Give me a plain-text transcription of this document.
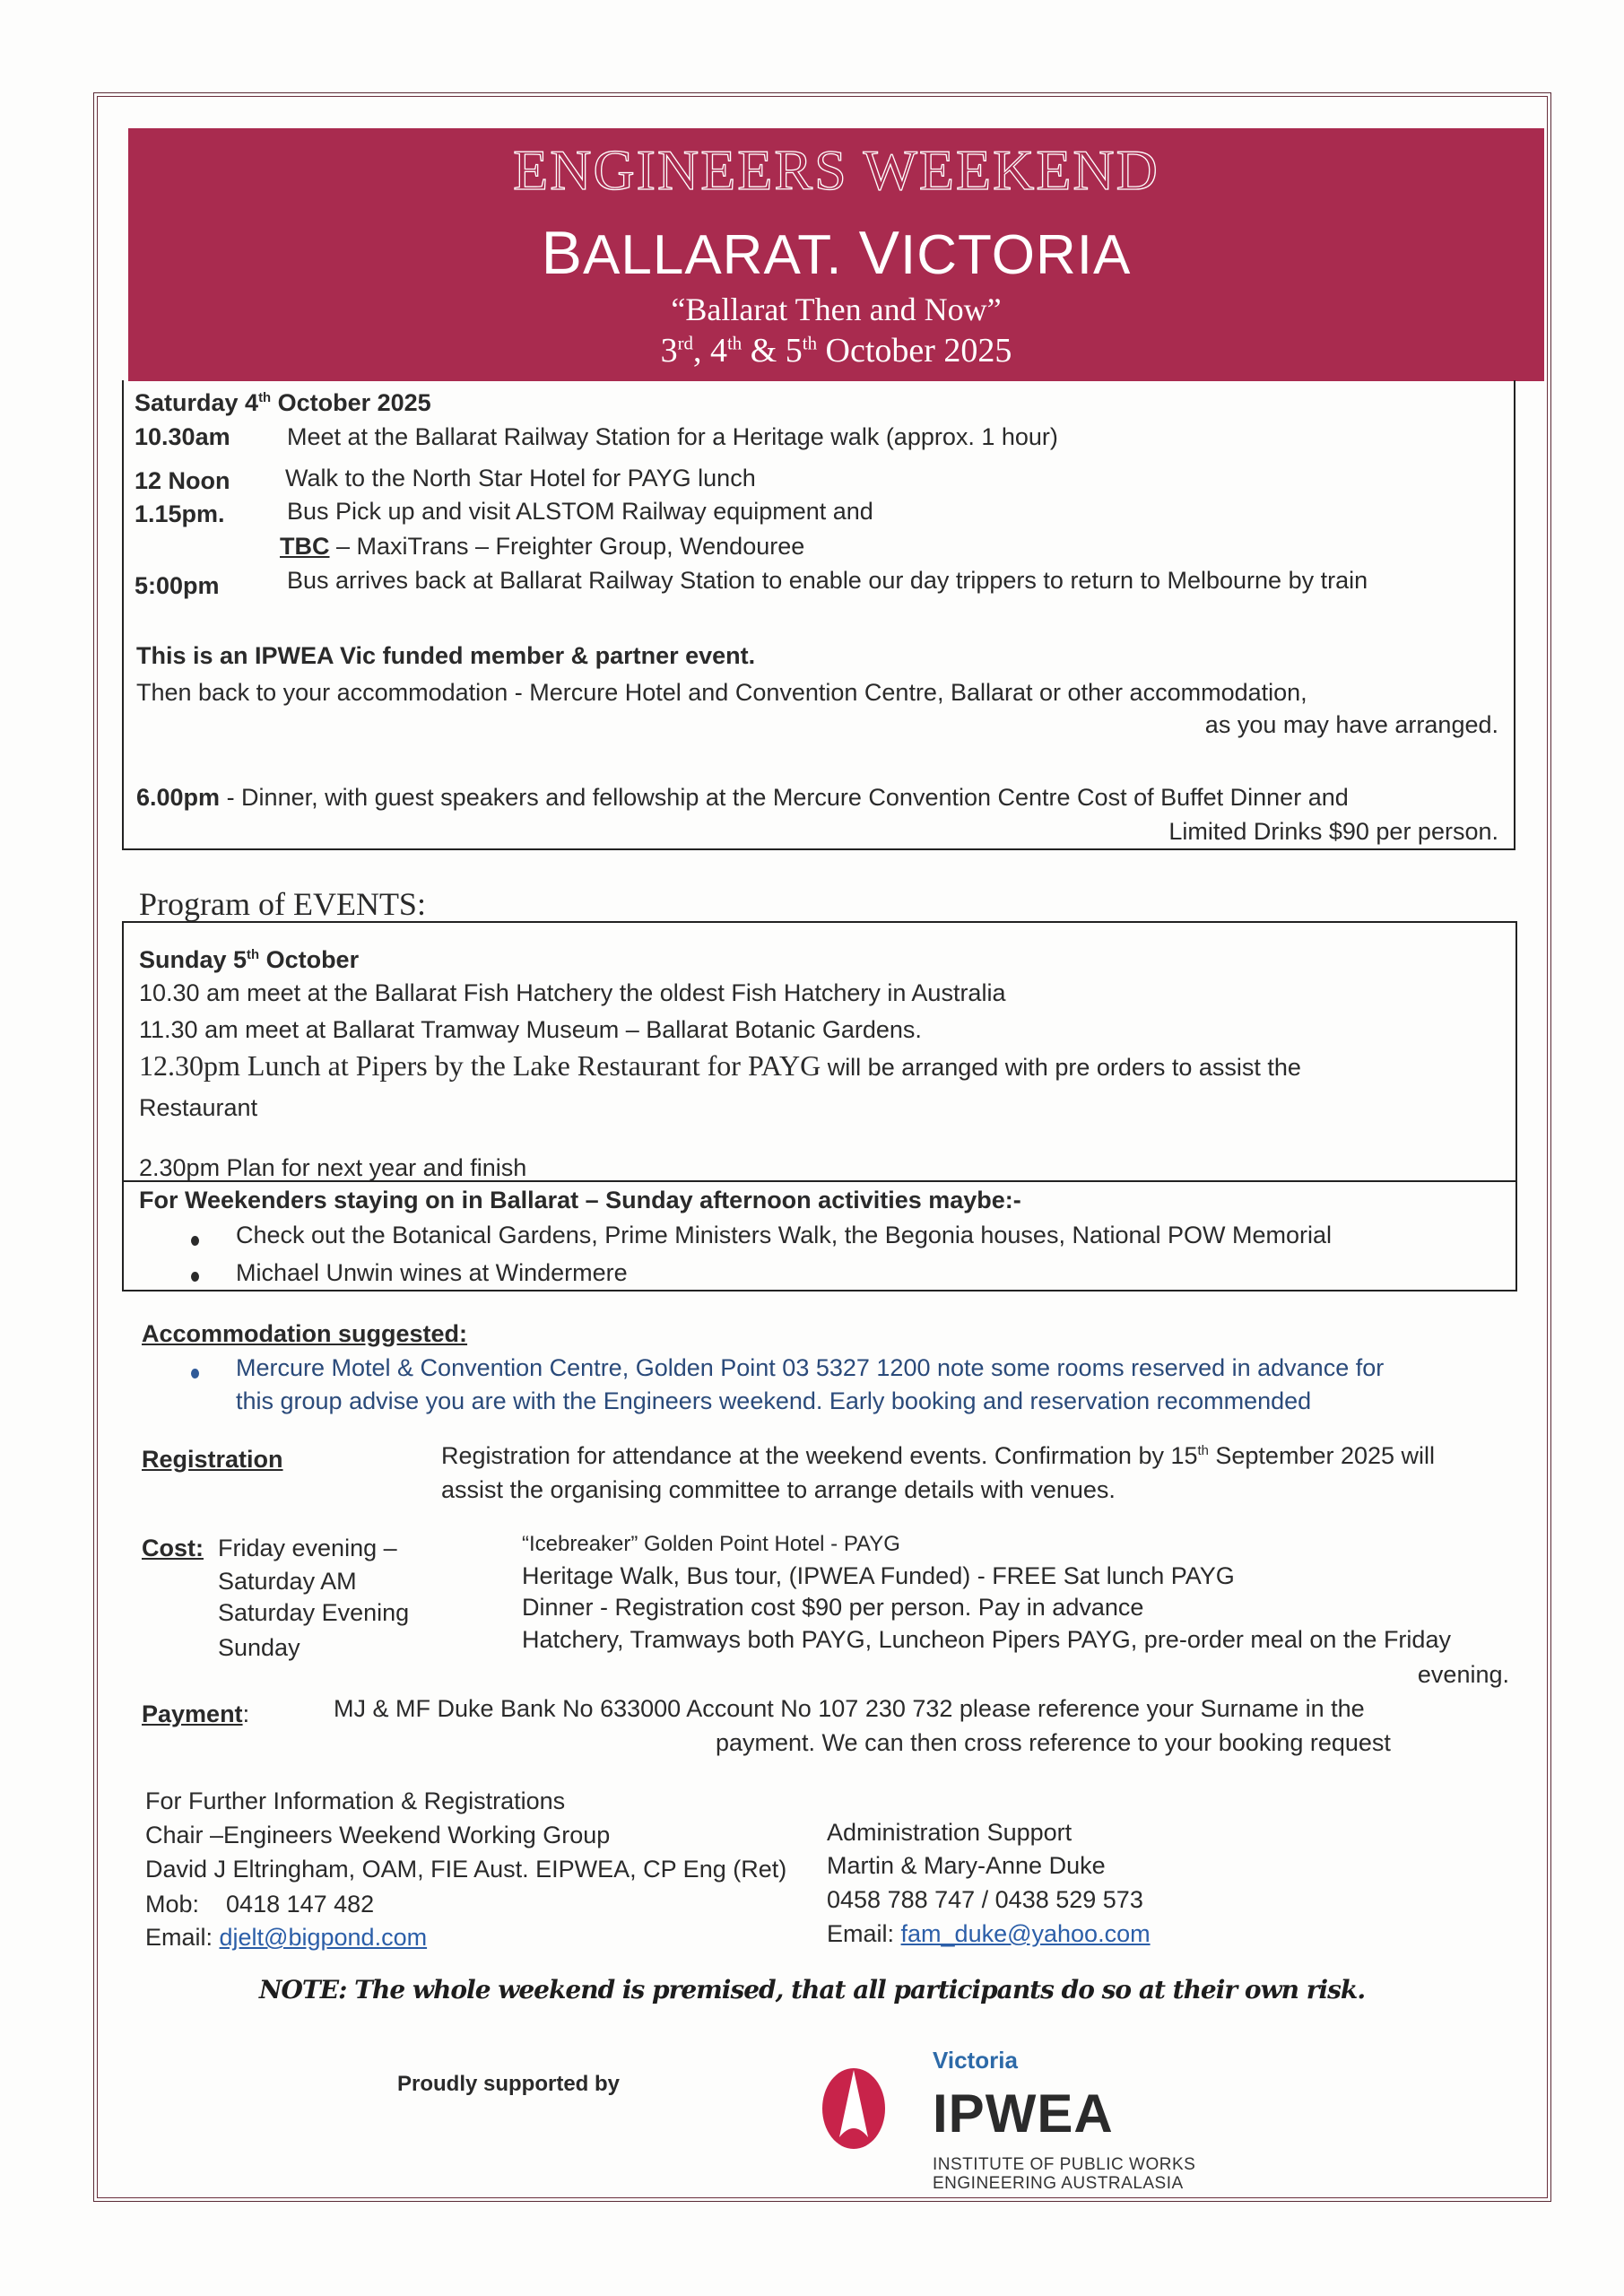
ENGINEERS WEEKEND
BALLARAT. VICTORIA
“Ballarat Then and Now”
3rd, 4th & 5th October 2025
Saturday 4th October 2025
10.30am Meet at the Ballarat Railway Station for a Heritage walk (approx. 1 hour)
12 Noon Walk to the North Star Hotel for PAYG lunch
1.15pm.	Bus Pick up and visit ALSTOM Railway equipment and
TBC – MaxiTrans – Freighter Group, Wendouree
5:00pm	Bus arrives back at Ballarat Railway Station to enable our day trippers to return to Melbourne by train
This is an IPWEA Vic funded member & partner event.
Then back to your accommodation - Mercure Hotel and Convention Centre, Ballarat or other accommodation,
as you may have arranged.
6.00pm - Dinner, with guest speakers and fellowship at the Mercure Convention Centre Cost of Buffet Dinner and
Limited Drinks $90 per person.
Program of EVENTS:
Sunday 5th October
10.30 am meet at the Ballarat Fish Hatchery the oldest Fish Hatchery in Australia
11.30 am meet at Ballarat Tramway Museum – Ballarat Botanic Gardens.
12.30pm Lunch at Pipers by the Lake Restaurant for PAYG will be arranged with pre orders to assist the
Restaurant
2.30pm Plan for next year and finish
For Weekenders staying on in Ballarat – Sunday afternoon activities maybe:-
Check out the Botanical Gardens, Prime Ministers Walk, the Begonia houses, National POW Memorial
Michael Unwin wines at Windermere
Accommodation suggested:
Mercure Motel & Convention Centre, Golden Point 03 5327 1200 note some rooms reserved in advance for
this group advise you are with the Engineers weekend. Early booking and reservation recommended
Registration	Registration for attendance at the weekend events. Confirmation by 15th September 2025 will
assist the organising committee to arrange details with venues.
Cost: Friday evening –	“Icebreaker” Golden Point Hotel - PAYG
Saturday AM	Heritage Walk, Bus tour, (IPWEA Funded) - FREE Sat lunch PAYG
Saturday Evening	Dinner - Registration cost $90 per person. Pay in advance
Sunday	Hatchery, Tramways both PAYG, Luncheon Pipers PAYG, pre-order meal on the Friday
evening.
Payment:	MJ & MF Duke Bank No 633000 Account No 107 230 732 please reference your Surname in the
payment. We can then cross reference to your booking request
For Further Information & Registrations
Chair –Engineers Weekend Working Group
David J Eltringham, OAM, FIE Aust. EIPWEA, CP Eng (Ret)
Mob: 0418 147 482
Email: djelt@bigpond.com
Administration Support
Martin & Mary-Anne Duke
0458 788 747 / 0438 529 573
Email: fam_duke@yahoo.com
NOTE: The whole weekend is premised, that all participants do so at their own risk.
Proudly supported by
Victoria
IPWEA
INSTITUTE OF PUBLIC WORKS
ENGINEERING AUSTRALASIA
